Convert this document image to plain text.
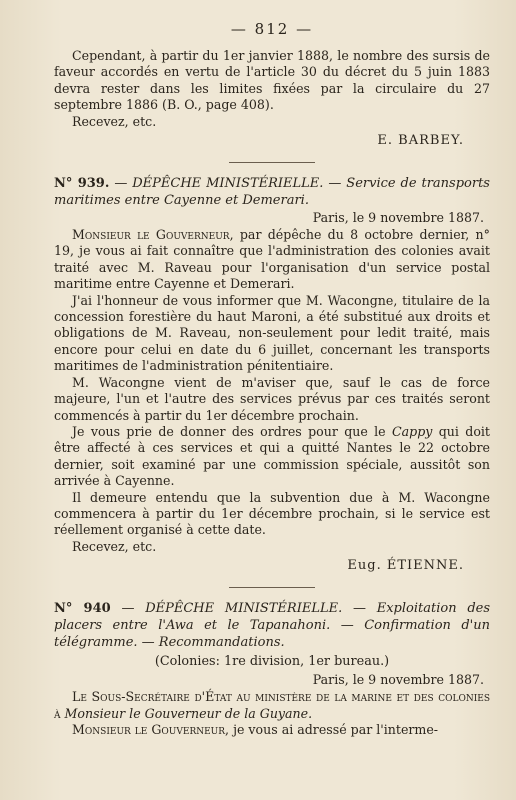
— 812 —

Cependant, à partir du 1er janvier 1888, le nombre des sursis de faveur accordés en vertu de l'article 30 du décret du 5 juin 1883 devra rester dans les limites fixées par la circulaire du 27 septembre 1886 (B. O., page 408).

Recevez, etc.

E. BARBEY.

N° 939. — DÉPÊCHE MINISTÉRIELLE. — Service de transports maritimes entre Cayenne et Demerari.

Paris, le 9 novembre 1887.

Monsieur le Gouverneur, par dépêche du 8 octobre dernier, n° 19, je vous ai fait connaître que l'administration des colonies avait traité avec M. Raveau pour l'organisation d'un service postal maritime entre Cayenne et Demerari.

J'ai l'honneur de vous informer que M. Wacongne, titulaire de la concession forestière du haut Maroni, a été substitué aux droits et obligations de M. Raveau, non-seulement pour ledit traité, mais encore pour celui en date du 6 juillet, concernant les transports maritimes de l'administration pénitentiaire.

M. Wacongne vient de m'aviser que, sauf le cas de force majeure, l'un et l'autre des services prévus par ces traités seront commencés à partir du 1er décembre prochain.

Je vous prie de donner des ordres pour que le Cappy qui doit être affecté à ces services et qui a quitté Nantes le 22 octobre dernier, soit examiné par une commission spéciale, aussitôt son arrivée à Cayenne.

Il demeure entendu que la subvention due à M. Wacongne commencera à partir du 1er décembre prochain, si le service est réellement organisé à cette date.

Recevez, etc.

Eug. ÉTIENNE.

N° 940 — DÉPÊCHE MINISTÉRIELLE. — Exploitation des placers entre l'Awa et le Tapanahoni. — Confirmation d'un télégramme. — Recommandations.

(Colonies: 1re division, 1er bureau.)
Paris, le 9 novembre 1887.

Le Sous-Secrétaire d'État au ministère de la marine et des colonies à Monsieur le Gouverneur de la Guyane.

Monsieur le Gouverneur, je vous ai adressé par l'interme-
